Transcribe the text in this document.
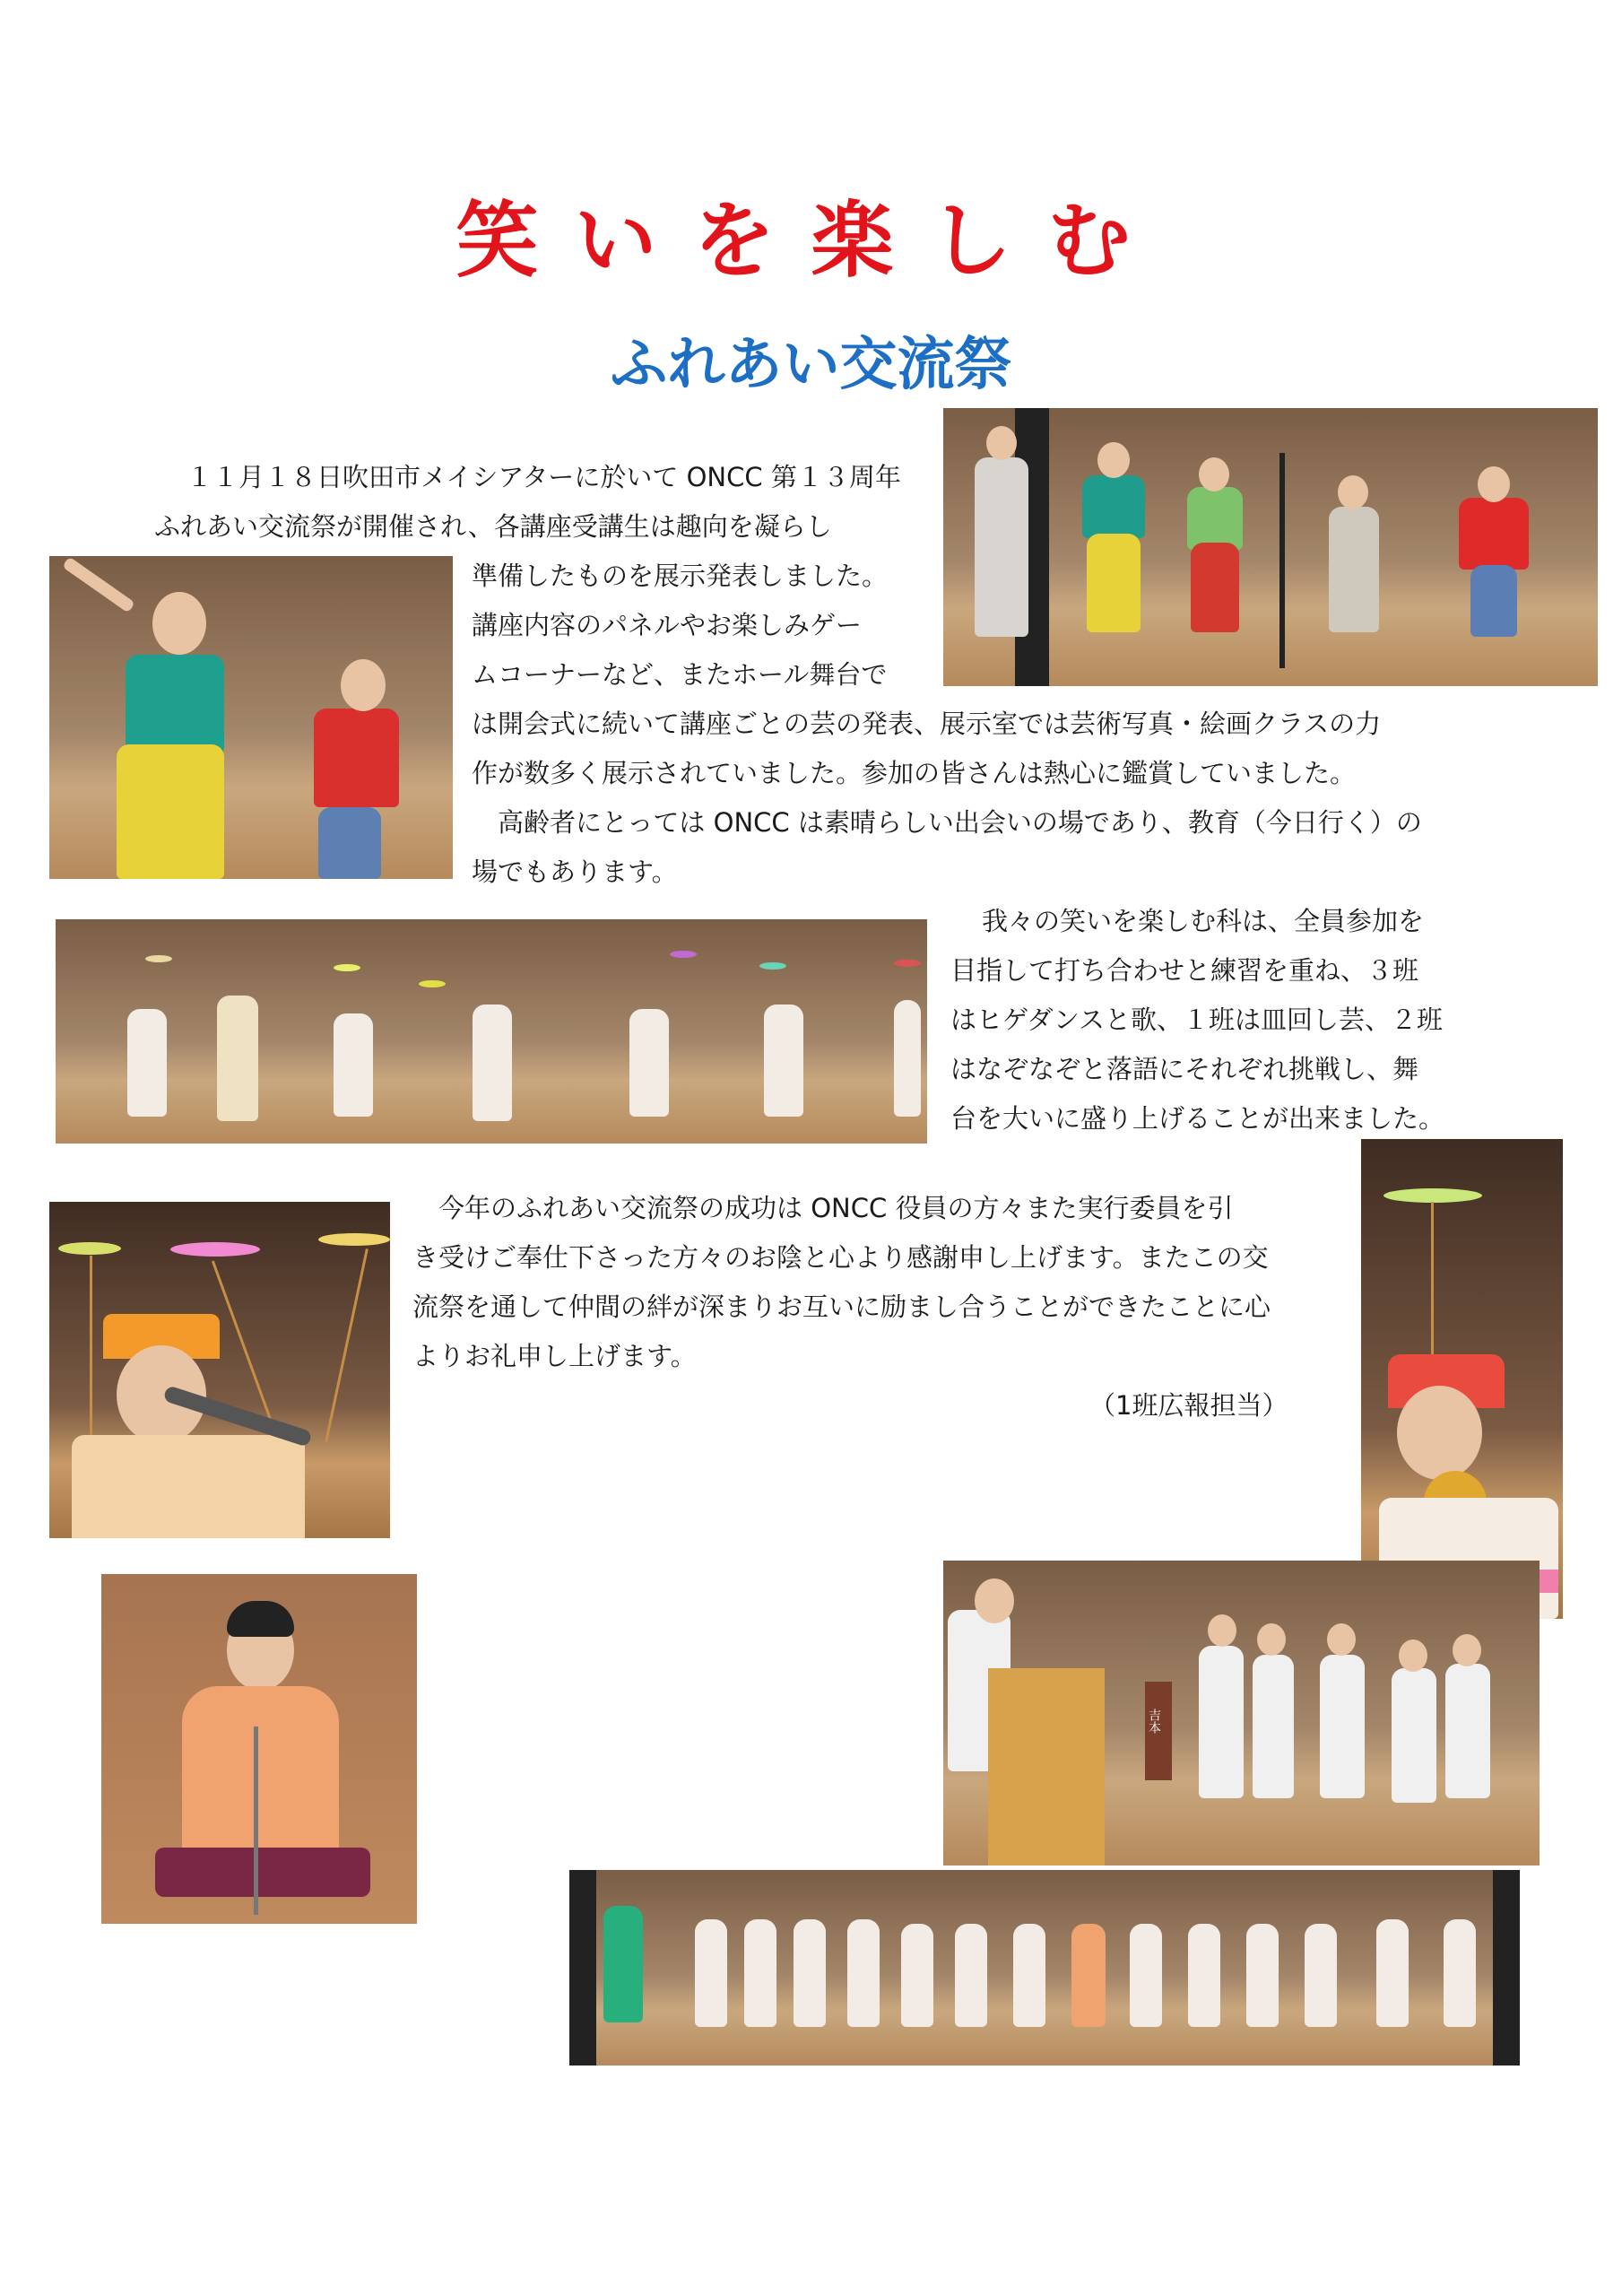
笑いを楽しむ
ふれあい交流祭

１１月１８日吹田市メイシアターに於いて ONCC 第１３周年

ふれあい交流祭が開催され、各講座受講生は趣向を凝らし

準備したものを展示発表しました。

講座内容のパネルやお楽しみゲー

ムコーナーなど、またホール舞台で

は開会式に続いて講座ごとの芸の発表、展示室では芸術写真・絵画クラスの力

作が数多く展示されていました。参加の皆さんは熱心に鑑賞していました。

　高齢者にとっては ONCC は素晴らしい出会いの場であり、教育（今日行く）の

場でもあります。

我々の笑いを楽しむ科は、全員参加を

目指して打ち合わせと練習を重ね、３班

はヒゲダンスと歌、１班は皿回し芸、２班

はなぞなぞと落語にそれぞれ挑戦し、舞

台を大いに盛り上げることが出来ました。

　今年のふれあい交流祭の成功は ONCC 役員の方々また実行委員を引

き受けご奉仕下さった方々のお陰と心より感謝申し上げます。またこの交

流祭を通して仲間の絆が深まりお互いに励まし合うことができたことに心

よりお礼申し上げます。

（1班広報担当）

吉本
